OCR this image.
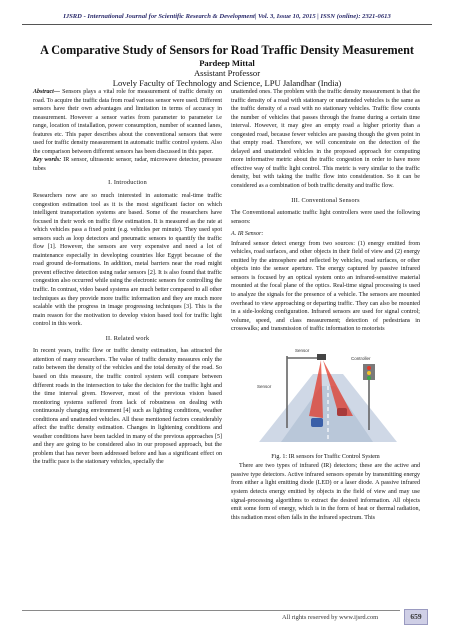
IJSRD - International Journal for Scientific Research & Development| Vol. 3, Issue 10, 2015 | ISSN (online): 2321-0613
A Comparative Study of Sensors for Road Traffic Density Measurement
Pardeep Mittal
Assistant Professor
Lovely Faculty of Technology and Science, LPU Jalandhar (India)

Abstract— Sensors plays a vital role for measurement of traffic density on road. To acquire the traffic data from road various sensor were used. Different sensors have their own advantages and limitation in terms of accuracy in measurement. However a sensor varies from parameter to parameter i.e range, location of installation, power consumption, number of scanned lanes, features etc. This paper describes about the conventional sensors that were used for traffic density measurement in automatic traffic control system. Also the comparison between different sensors has been discussed in this paper.

Key words: IR sensor, ultrasonic sensor, radar, microwave detector, pressure tubes

I. Introduction

Researchers now are so much interested in automatic real-time traffic congestion estimation tool as it is the most significant factor on which intelligent transportation systems are based. Some of the researchers have focused in their work on traffic flow estimation. It is measured as the rate at which vehicles pass a fixed point (e.g. vehicles per minute). They used spot sensors such as loop detectors and pneumatic sensors to quantify the traffic flow [1]. However, the sensors are very expensive and need a lot of maintenance especially in developing countries like Egypt because of the road ground de-formations. In addition, metal barriers near the road might prevent effective detection using radar sensors [2]. It is also found that traffic congestion also occurred while using the electronic sensors for controlling the traffic. In contrast, video based systems are much better compared to all other techniques as they provide more traffic information and they are much more scalable with the progress in image progressing techniques [3]. This is the main reason for the motivation to develop vision based tool for traffic light control in this work.

II. Related work

In recent years, traffic flow or traffic density estimation, has attracted the attention of many researchers. The value of traffic density measures only the ratio between the density of the vehicles and the total density of the road. So based on this measure, the traffic control system will compare between different roads in the intersection to take the decision for the traffic light and the time interval given. However, most of the previous vision based monitoring systems suffered from lack of robustness on dealing with continuously changing environment [4] such as lighting conditions, weather conditions and unattended vehicles. All these mentioned factors considerably affect the traffic density estimation. Changes in lightening conditions and weather conditions have been tackled in many of the previous approaches [5] and they are going to be considered also in our proposed approach, but the problem that has never been addressed before and has a significant effect on the traffic pace is the stationary vehicles, specially the

unattended ones. The problem with the traffic density measurement is that the traffic density of a road with stationary or unattended vehicles is the same as the traffic density of a road with no stationary vehicles. Traffic flow counts the number of vehicles that passes through the frame during a certain time interval. However, it may give an empty road a higher priority than a congested road, because fewer vehicles are passing though the given point in that empty road. Therefore, we will concentrate on the detection of the delayed and unattended vehicles in the proposed approach for computing more informative metric about the traffic congestion in order to have more effective way of traffic light control. This metric is very similar to the traffic density, but with taking the traffic flow into consideration. So it can be considered as a combination of both traffic density and traffic flow.

III. Conventional Sensors

The Conventional automatic traffic light controllers were used the following sensors:

A. IR Sensor:

Infrared sensor detect energy from two sources: (1) energy emitted from vehicles, road surfaces, and other objects in their field of view and (2) energy emitted by the atmosphere and reflected by vehicles, road surfaces, or other objects into the sensor aperture. The energy captured by passive infrared sensors is focused by an optical system onto an infrared-sensitive material mounted at the focal plane of the optics. Real-time signal processing is used to analyze the signals for the presence of a vehicle. The sensors are mounted overhead to view approaching or departing traffic. They can also be mounted in a side-looking configuration. Infrared sensors are used for signal control; volume, speed, and class measurement; detection of pedestrians in crosswalks; and transmission of traffic information to motorists

Sensor
Controller
Sensor
Fig. 1: IR sensors for Traffic Control System

There are two types of infrared (IR) detectors; these are the active and passive type detectors. Active infrared sensors operate by transmitting energy from either a light emitting diode (LED) or a laser diode. A passive infrared system detects energy emitted by objects in the field of view and may use signal-processing algorithms to extract the desired information. All objects emit some form of energy, which is in the form of heat or thermal radiation, this radiation most often falls in the infrared spectrum. This

All rights reserved by www.ijsrd.com	659
